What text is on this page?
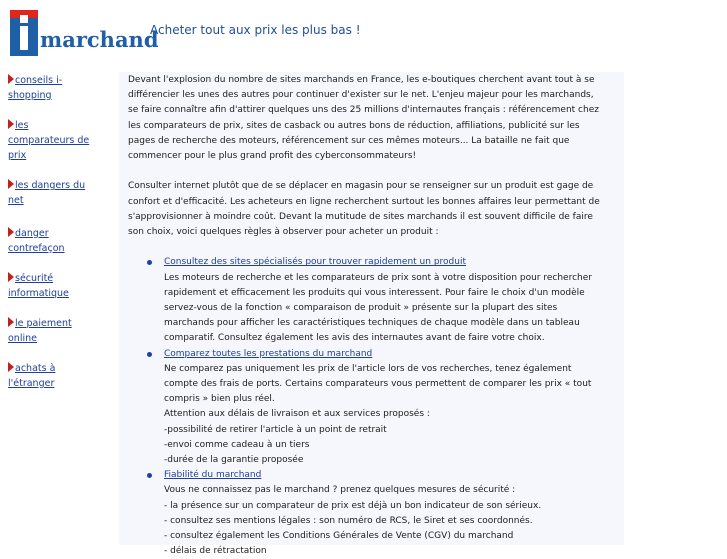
marchand
Acheter tout aux prix les plus bas !
conseils i-
shopping
les
comparateurs de
prix
les dangers du
net
danger
contrefaçon
sécurité
informatique
le paiement
online
achats à
l'étranger

Devant l'explosion du nombre de sites marchands en France, les e-boutiques cherchent avant tout à se
différencier les unes des autres pour continuer d'exister sur le net. L'enjeu majeur pour les marchands,
se faire connaître afin d'attirer quelques uns des 25 millions d'internautes français : référencement chez
les comparateurs de prix, sites de casback ou autres bons de réduction, affiliations, publicité sur les
pages de recherche des moteurs, référencement sur ces mêmes moteurs... La bataille ne fait que
commencer pour le plus grand profit des cyberconsommateurs!

Consulter internet plutôt que de se déplacer en magasin pour se renseigner sur un produit est gage de
confort et d'efficacité. Les acheteurs en ligne recherchent surtout les bonnes affaires leur permettant de
s'approvisionner à moindre coût. Devant la mutitude de sites marchands il est souvent difficile de faire
son choix, voici quelques règles à observer pour acheter un produit :

Consultez des sites spécialisés pour trouver rapidement un produit
Les moteurs de recherche et les comparateurs de prix sont à votre disposition pour rechercher
rapidement et efficacement les produits qui vous interessent. Pour faire le choix d'un modèle
servez-vous de la fonction « comparaison de produit » présente sur la plupart des sites
marchands pour afficher les caractéristiques techniques de chaque modèle dans un tableau
comparatif. Consultez également les avis des internautes avant de faire votre choix.
Comparez toutes les prestations du marchand
Ne comparez pas uniquement les prix de l'article lors de vos recherches, tenez également
compte des frais de ports. Certains comparateurs vous permettent de comparer les prix « tout
compris » bien plus réel.
Attention aux délais de livraison et aux services proposés :
-possibilité de retirer l'article à un point de retrait
-envoi comme cadeau à un tiers
-durée de la garantie proposée
Fiabilité du marchand
Vous ne connaissez pas le marchand ? prenez quelques mesures de sécurité :
- la présence sur un comparateur de prix est déjà un bon indicateur de son sérieux.
- consultez ses mentions légales : son numéro de RCS, le Siret et ses coordonnés.
- consultez également les Conditions Générales de Vente (CGV) du marchand
- délais de rétractation
